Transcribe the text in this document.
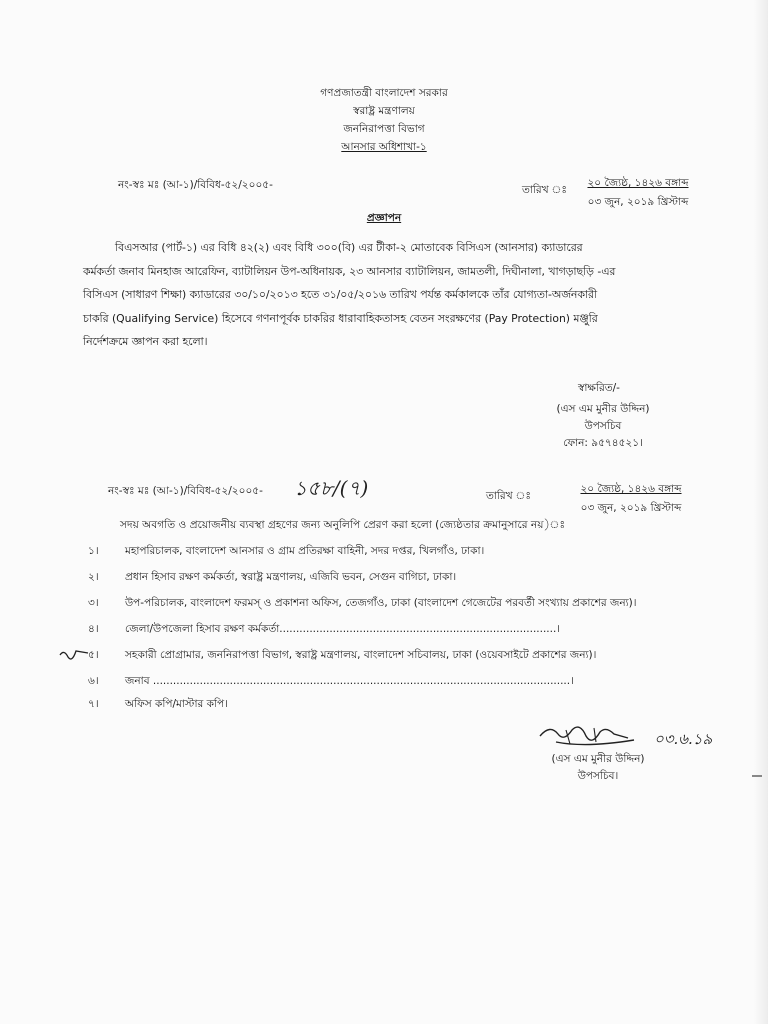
গণপ্রজাতন্ত্রী বাংলাদেশ সরকার
স্বরাষ্ট্র মন্ত্রণালয়
জননিরাপত্তা বিভাগ
আনসার অধিশাখা-১
নং-স্বঃ মঃ (আ-১)/বিবিধ-৫২/২০০৫-	তারিখ ঃ
২০ জ্যৈষ্ঠ, ১৪২৬ বঙ্গাব্দ
০৩ জুন, ২০১৯ খ্রিস্টাব্দ
প্রজ্ঞাপন
বিএসআর (পার্ট-১) এর বিধি ৪২(২) এবং বিধি ৩০০(বি) এর টীকা-২ মোতাবেক বিসিএস (আনসার) ক্যাডারের
কর্মকর্তা জনাব মিনহাজ আরেফিন, ব্যাটালিয়ন উপ-অধিনায়ক, ২৩ আনসার ব্যাটালিয়ন, জামতলী, দিঘীনালা, খাগড়াছড়ি -এর
বিসিএস (সাধারণ শিক্ষা) ক্যাডারের ৩০/১০/২০১৩ হতে ৩১/০৫/২০১৬ তারিখ পর্যন্ত কর্মকালকে তাঁর যোগ্যতা-অর্জনকারী
চাকরি (Qualifying Service) হিসেবে গণনাপূর্বক চাকরির ধারাবাহিকতাসহ বেতন সংরক্ষণের (Pay Protection) মঞ্জুরি
নির্দেশক্রমে জ্ঞাপন করা হলো।
স্বাক্ষরিত/-
(এস এম মুনীর উদ্দিন)
উপসচিব
ফোন: ৯৫৭৪৫২১।
নং-স্বঃ মঃ (আ-১)/বিবিধ-৫২/২০০৫- ১৫৮/(৭)	তারিখ ঃ
২০ জ্যৈষ্ঠ, ১৪২৬ বঙ্গাব্দ
০৩ জুন, ২০১৯ খ্রিস্টাব্দ
সদয় অবগতি ও প্রয়োজনীয় ব্যবস্থা গ্রহণের জন্য অনুলিপি প্রেরণ করা হলো (জ্যেষ্ঠতার ক্রমানুসারে নয়)ঃ
১।	মহাপরিচালক, বাংলাদেশ আনসার ও গ্রাম প্রতিরক্ষা বাহিনী, সদর দপ্তর, খিলগাঁও, ঢাকা।
২।	প্রধান হিসাব রক্ষণ কর্মকর্তা, স্বরাষ্ট্র মন্ত্রণালয়, এজিবি ভবন, সেগুন বাগিচা, ঢাকা।
৩।	উপ-পরিচালক, বাংলাদেশ ফরমস্ ও প্রকাশনা অফিস, তেজগাঁও, ঢাকা (বাংলাদেশ গেজেটের পরবর্তী সংখ্যায় প্রকাশের জন্য)।
৪।	জেলা/উপজেলা হিসাব রক্ষণ কর্মকর্তা...................................................................................।
৫।	সহকারী প্রোগ্রামার, জননিরাপত্তা বিভাগ, স্বরাষ্ট্র মন্ত্রণালয়, বাংলাদেশ সচিবালয়, ঢাকা (ওয়েবসাইটে প্রকাশের জন্য)।
৬।	জনাব .............................................................................................................................।
৭।	অফিস কপি/মাস্টার কপি।
০৩.৬.১৯
(এস এম মুনীর উদ্দিন)
উপসচিব।
